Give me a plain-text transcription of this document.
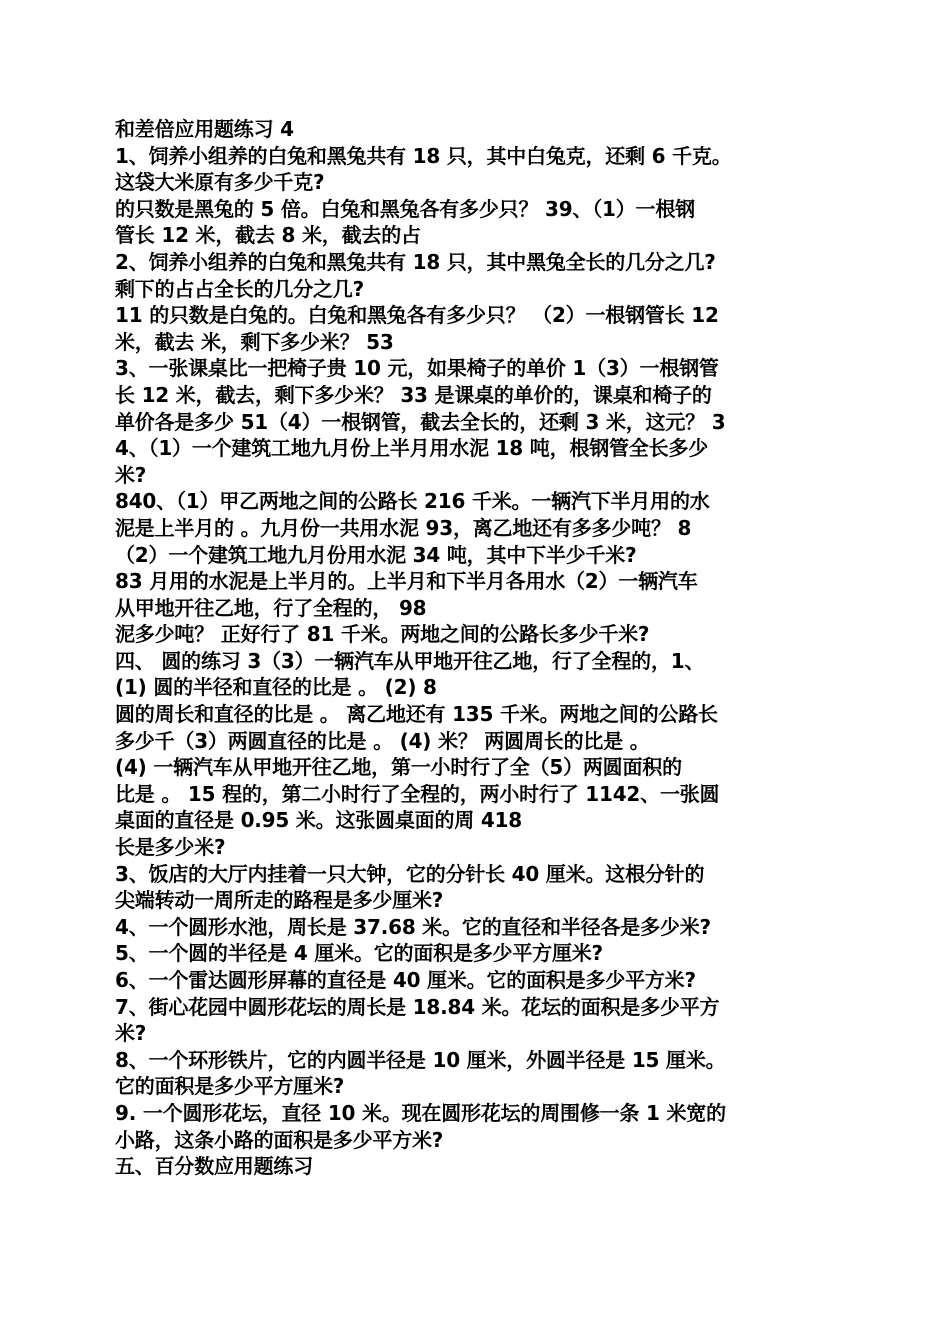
和差倍应用题练习 4
1、饲养小组养的白兔和黑兔共有 18 只，其中白兔克，还剩 6 千克。
这袋大米原有多少千克?
的只数是黑兔的 5 倍。白兔和黑兔各有多少只？ 39、（1）一根钢
管长 12 米，截去 8 米，截去的占
2、饲养小组养的白兔和黑兔共有 18 只，其中黑兔全长的几分之几?
剩下的占占全长的几分之几?
11 的只数是白兔的。白兔和黑兔各有多少只？ （2）一根钢管长 12
米，截去 米，剩下多少米？ 53
3、一张课桌比一把椅子贵 10 元，如果椅子的单价 1（3）一根钢管
长 12 米，截去，剩下多少米？ 33 是课桌的单价的，课桌和椅子的
单价各是多少 51（4）一根钢管，截去全长的，还剩 3 米，这元？ 3
4、（1）一个建筑工地九月份上半月用水泥 18 吨，根钢管全长多少
米?
840、（1）甲乙两地之间的公路长 216 千米。一辆汽下半月用的水
泥是上半月的 。九月份一共用水泥 93，离乙地还有多多少吨？ 8
（2）一个建筑工地九月份用水泥 34 吨，其中下半少千米?
83 月用的水泥是上半月的。上半月和下半月各用水（2）一辆汽车
从甲地开往乙地，行了全程的， 98
泥多少吨？ 正好行了 81 千米。两地之间的公路长多少千米?
四、 圆的练习 3（3）一辆汽车从甲地开往乙地，行了全程的，1、
(1) 圆的半径和直径的比是 。 (2) 8
圆的周长和直径的比是 。 离乙地还有 135 千米。两地之间的公路长
多少千（3）两圆直径的比是 。 (4) 米？ 两圆周长的比是 。
(4) 一辆汽车从甲地开往乙地，第一小时行了全（5）两圆面积的
比是 。 15 程的，第二小时行了全程的，两小时行了 1142、一张圆
桌面的直径是 0.95 米。这张圆桌面的周 418
长是多少米?
3、饭店的大厅内挂着一只大钟，它的分针长 40 厘米。这根分针的
尖端转动一周所走的路程是多少厘米?
4、一个圆形水池，周长是 37.68 米。它的直径和半径各是多少米?
5、一个圆的半径是 4 厘米。它的面积是多少平方厘米?
6、一个雷达圆形屏幕的直径是 40 厘米。它的面积是多少平方米?
7、街心花园中圆形花坛的周长是 18.84 米。花坛的面积是多少平方
米?
8、一个环形铁片，它的内圆半径是 10 厘米，外圆半径是 15 厘米。
它的面积是多少平方厘米?
9. 一个圆形花坛，直径 10 米。现在圆形花坛的周围修一条 1 米宽的
小路，这条小路的面积是多少平方米?
五、百分数应用题练习
